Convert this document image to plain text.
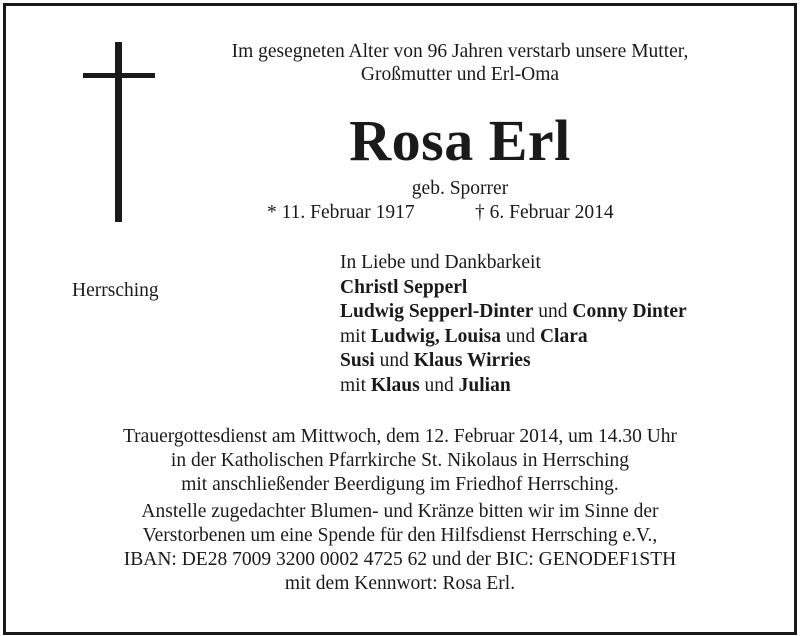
Im gesegneten Alter von 96 Jahren verstarb unsere Mutter,
Großmutter und Erl-Oma
Rosa Erl
geb. Sporrer
* 11. Februar 1917	† 6. Februar 2014
Herrsching
In Liebe und Dankbarkeit
Christl Sepperl
Ludwig Sepperl-Dinter und Conny Dinter
mit Ludwig, Louisa und Clara
Susi und Klaus Wirries
mit Klaus und Julian
Trauergottesdienst am Mittwoch, dem 12. Februar 2014, um 14.30 Uhr
in der Katholischen Pfarrkirche St. Nikolaus in Herrsching
mit anschließender Beerdigung im Friedhof Herrsching.
Anstelle zugedachter Blumen- und Kränze bitten wir im Sinne der
Verstorbenen um eine Spende für den Hilfsdienst Herrsching e.V.,
IBAN: DE28 7009 3200 0002 4725 62 und der BIC: GENODEF1STH
mit dem Kennwort: Rosa Erl.
